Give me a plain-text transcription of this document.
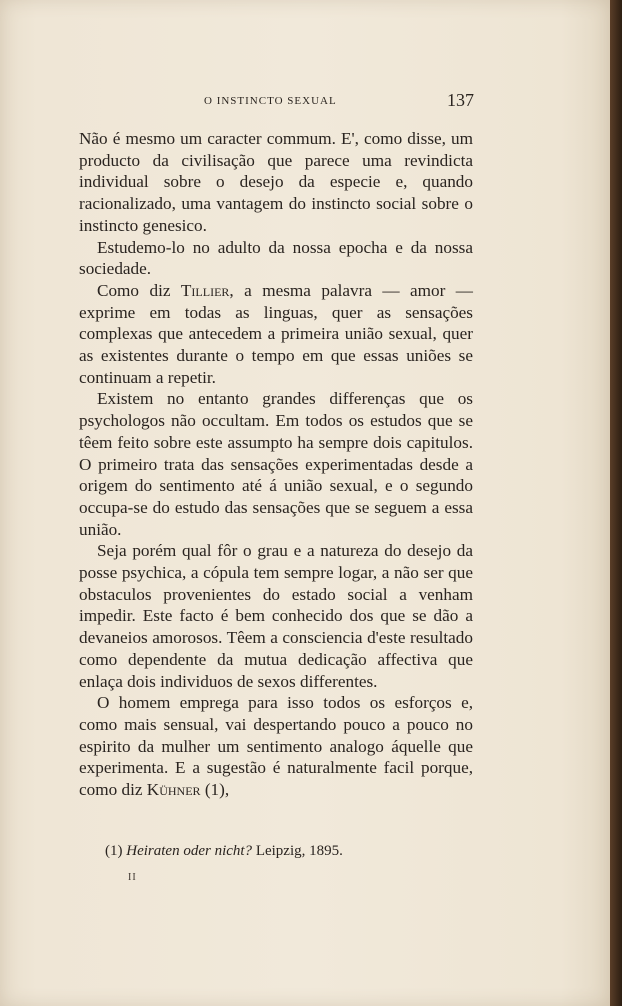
O INSTINCTO SEXUAL	137

Não é mesmo um caracter commum. E', como disse, um producto da civilisação que parece uma revindicta individual sobre o desejo da especie e, quando racionalizado, uma vantagem do instincto social sobre o instincto genesico.

Estudemo-lo no adulto da nossa epocha e da nossa sociedade.

Como diz Tillier, a mesma palavra — amor — exprime em todas as linguas, quer as sensações complexas que antecedem a primeira união sexual, quer as existentes durante o tempo em que essas uniões se continuam a repetir.

Existem no entanto grandes differenças que os psychologos não occultam. Em todos os estudos que se têem feito sobre este assumpto ha sempre dois capitulos. O primeiro trata das sensações experimentadas desde a origem do sentimento até á união sexual, e o segundo occupa-se do estudo das sensações que se seguem a essa união.

Seja porém qual fôr o grau e a natureza do desejo da posse psychica, a cópula tem sempre logar, a não ser que obstaculos provenientes do estado social a venham impedir. Este facto é bem conhecido dos que se dão a devaneios amorosos. Têem a consciencia d'este resultado como dependente da mutua dedicação affectiva que enlaça dois individuos de sexos differentes.

O homem emprega para isso todos os esforços e, como mais sensual, vai despertando pouco a pouco no espirito da mulher um sentimento analogo áquelle que experimenta. E a sugestão é naturalmente facil porque, como diz Kühner (1),

(1) Heiraten oder nicht? Leipzig, 1895.
II
